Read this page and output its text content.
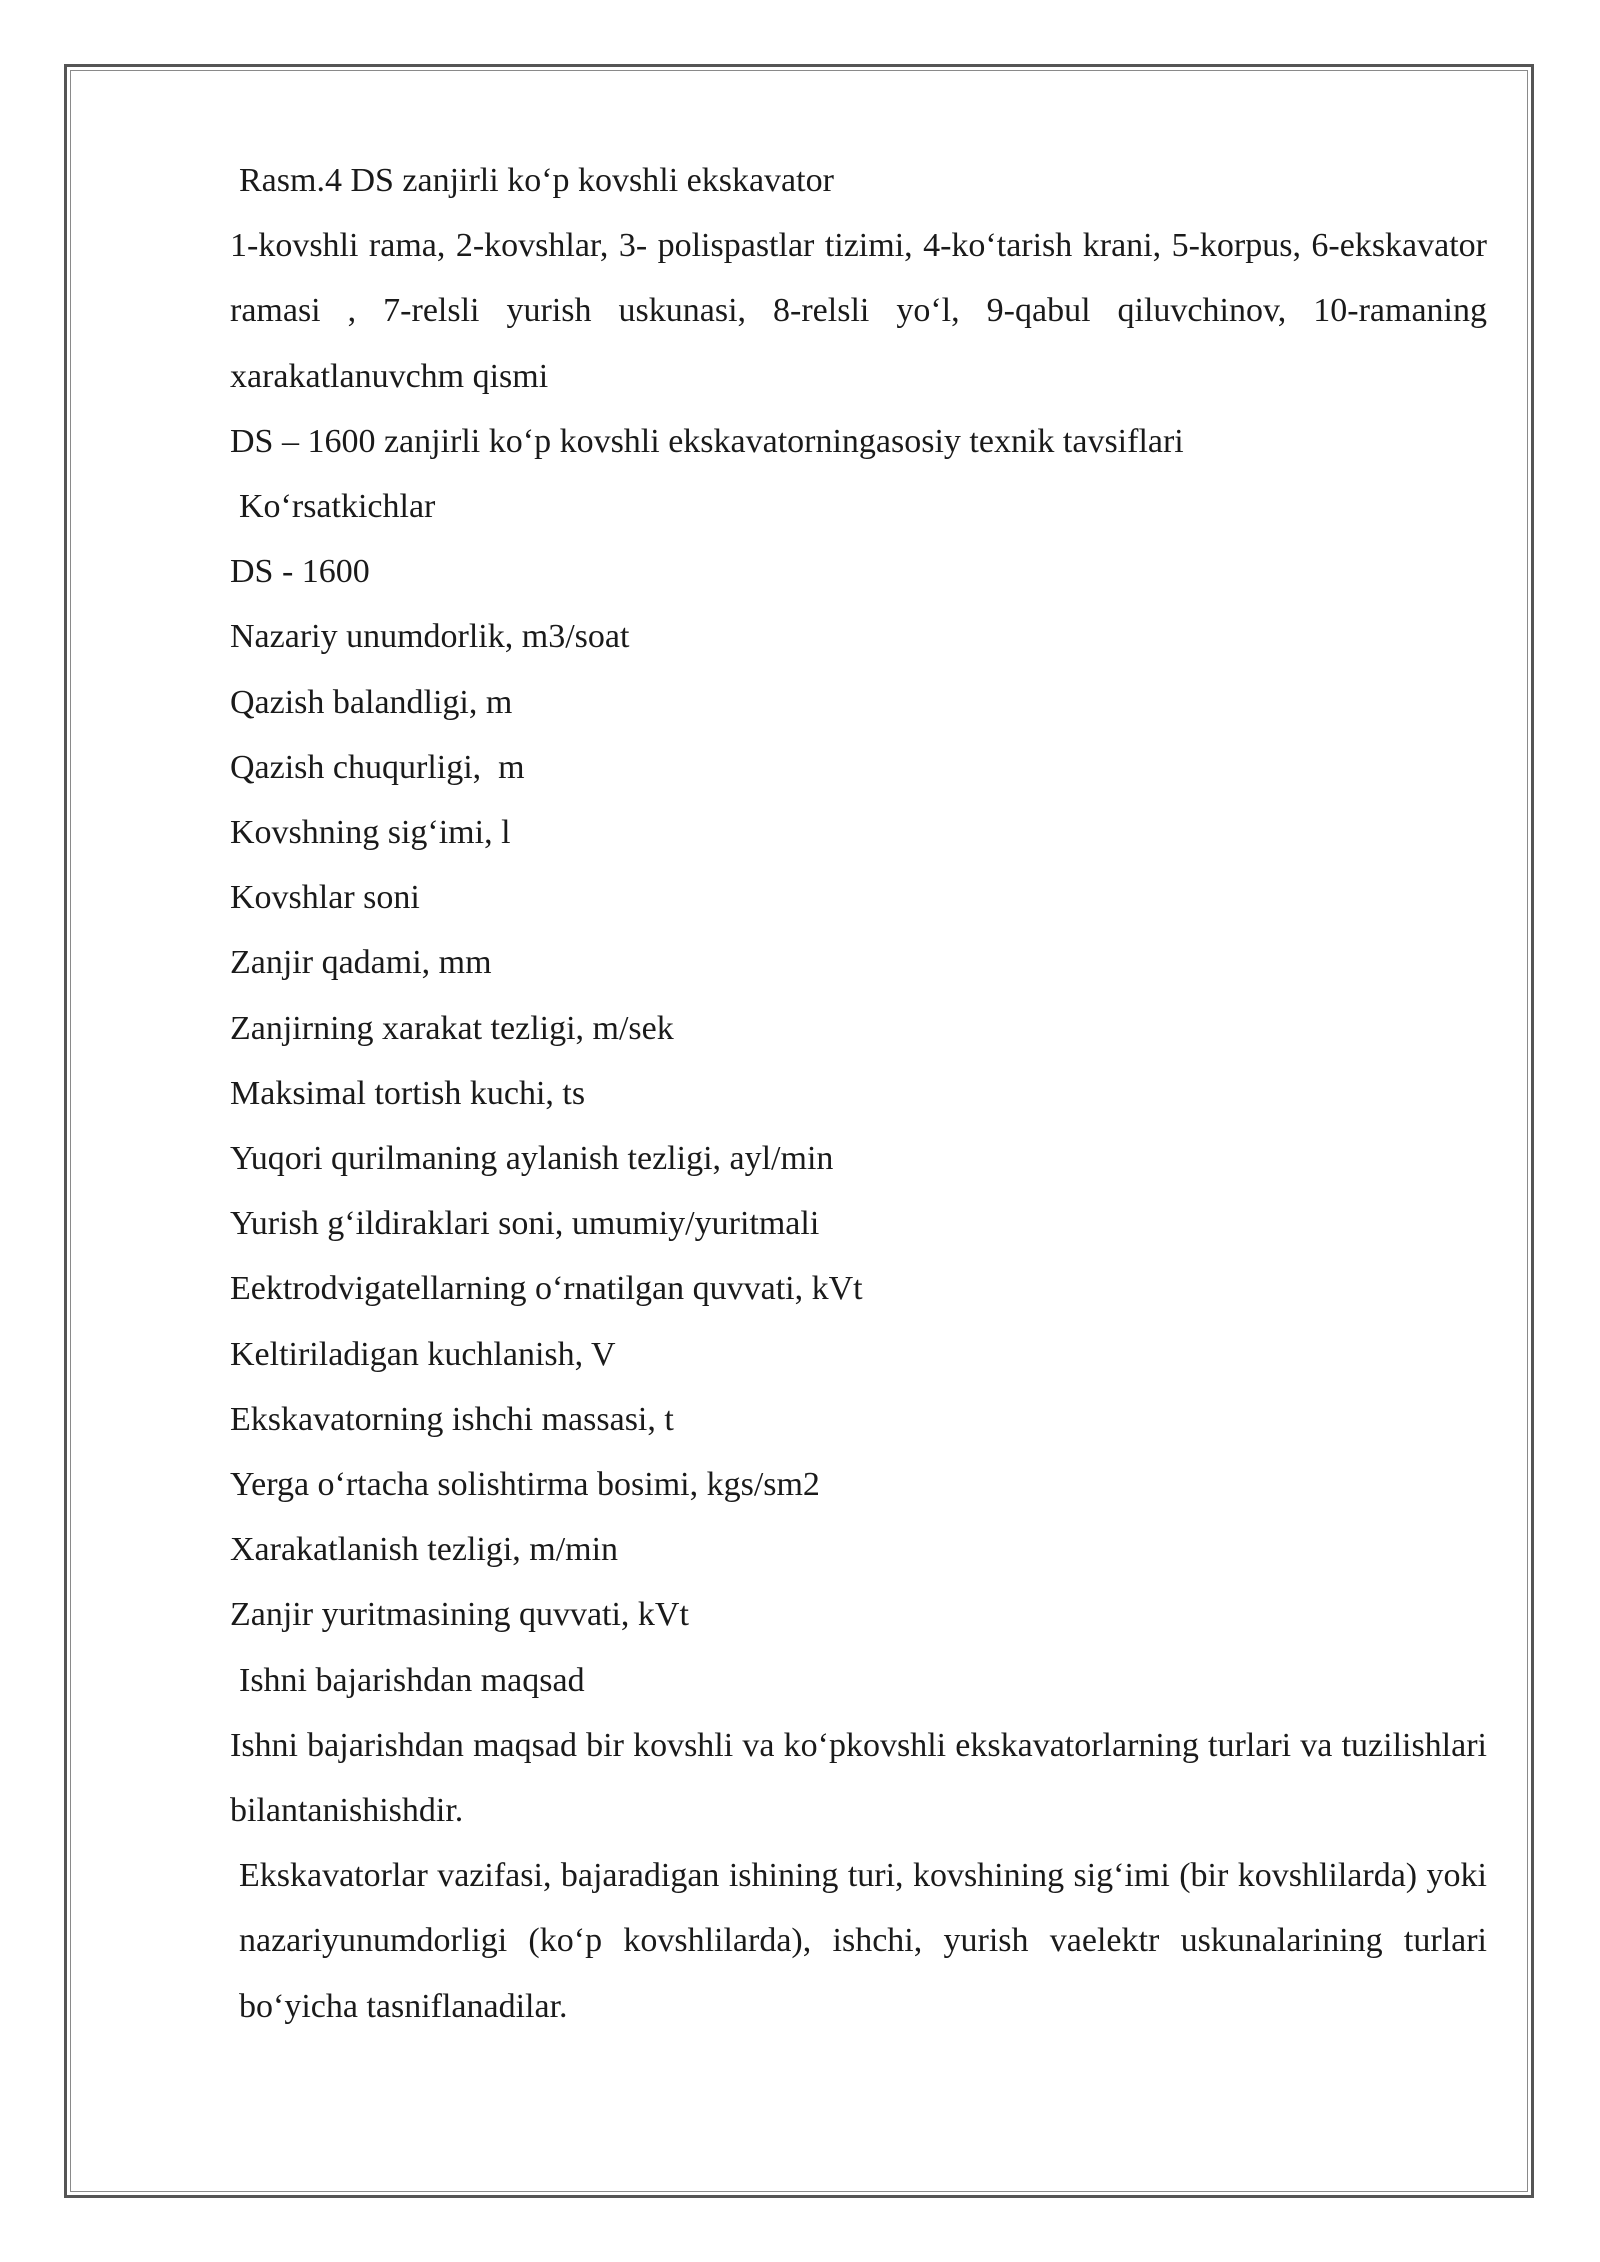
Rasm.4 DS zanjirli ko‘p kovshli ekskavator

1-kovshli rama, 2-kovshlar, 3- polispastlar tizimi, 4-ko‘tarish krani, 5-korpus, 6-ekskavator ramasi , 7-relsli yurish uskunasi, 8-relsli yo‘l, 9-qabul qiluvchinov, 10-ramaning xarakatlanuvchm qismi

DS – 1600 zanjirli ko‘p kovshli ekskavatorningasosiy texnik tavsiflari

Ko‘rsatkichlar

DS - 1600

Nazariy unumdorlik, m3/soat

Qazish balandligi, m

Qazish chuqurligi,  m

Kovshning sig‘imi, l

Kovshlar soni

Zanjir qadami, mm

Zanjirning xarakat tezligi, m/sek

Maksimal tortish kuchi, ts

Yuqori qurilmaning aylanish tezligi, ayl/min

Yurish g‘ildiraklari soni, umumiy/yuritmali

Eektrodvigatellarning o‘rnatilgan quvvati, kVt

Keltiriladigan kuchlanish, V

Ekskavatorning ishchi massasi, t

Yerga o‘rtacha solishtirma bosimi, kgs/sm2

Xarakatlanish tezligi, m/min

Zanjir yuritmasining quvvati, kVt

Ishni bajarishdan maqsad

Ishni bajarishdan maqsad bir kovshli va ko‘pkovshli ekskavatorlarning turlari va tuzilishlari bilantanishishdir.

Ekskavatorlar vazifasi, bajaradigan ishining turi, kovshining sig‘imi (bir kovshlilarda) yoki nazariyunumdorligi (ko‘p kovshlilarda), ishchi, yurish vaelektr uskunalarining turlari bo‘yicha tasniflanadilar.
